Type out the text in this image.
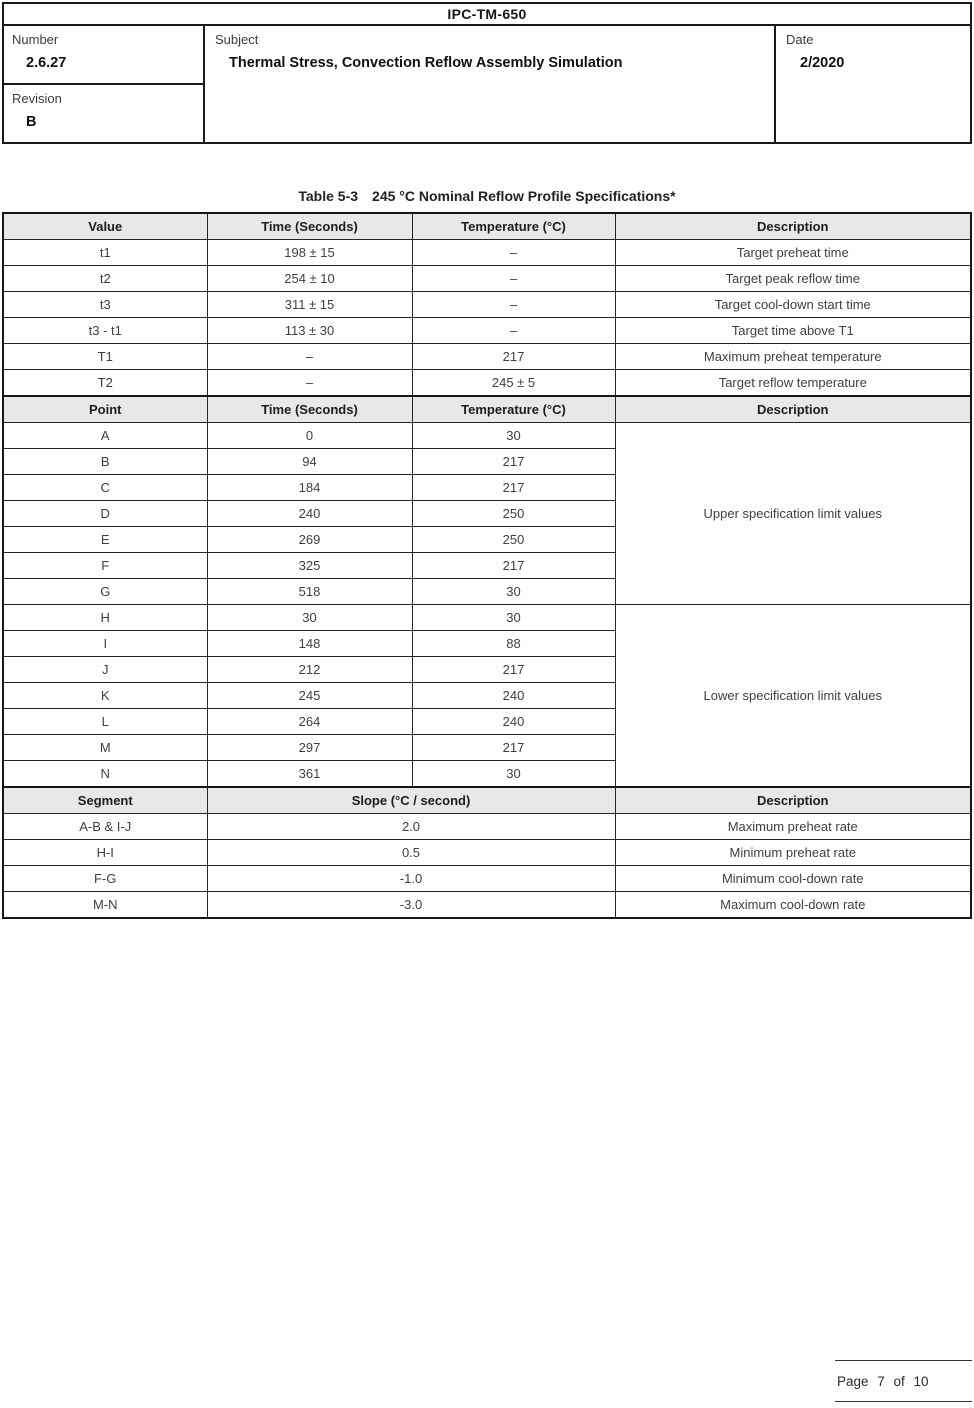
IPC-TM-650
Number
2.6.27
Revision
B
Subject
Thermal Stress, Convection Reflow Assembly Simulation
Date
2/2020
Table 5-3 245 °C Nominal Reflow Profile Specifications*
Value	Time (Seconds)	Temperature (°C)	Description
t1	198 ± 15	–	Target preheat time
t2	254 ± 10	–	Target peak reflow time
t3	311 ± 15	–	Target cool-down start time
t3 - t1	113 ± 30	–	Target time above T1
T1	–	217	Maximum preheat temperature
T2	–	245 ± 5	Target reflow temperature
Point	Time (Seconds)	Temperature (°C)	Description
A	0	30	Upper specification limit values
B	94	217	
C	184	217	
D	240	250	
E	269	250	
F	325	217	
G	518	30	
H	30	30	Lower specification limit values
I	148	88	
J	212	217	
K	245	240	
L	264	240	
M	297	217	
N	361	30	
Segment	Slope (°C / second)		Description
A-B & I-J	2.0		Maximum preheat rate
H-I	0.5		Minimum preheat rate
F-G	-1.0		Minimum cool-down rate
M-N	-3.0		Maximum cool-down rate
Page 7 of 10
